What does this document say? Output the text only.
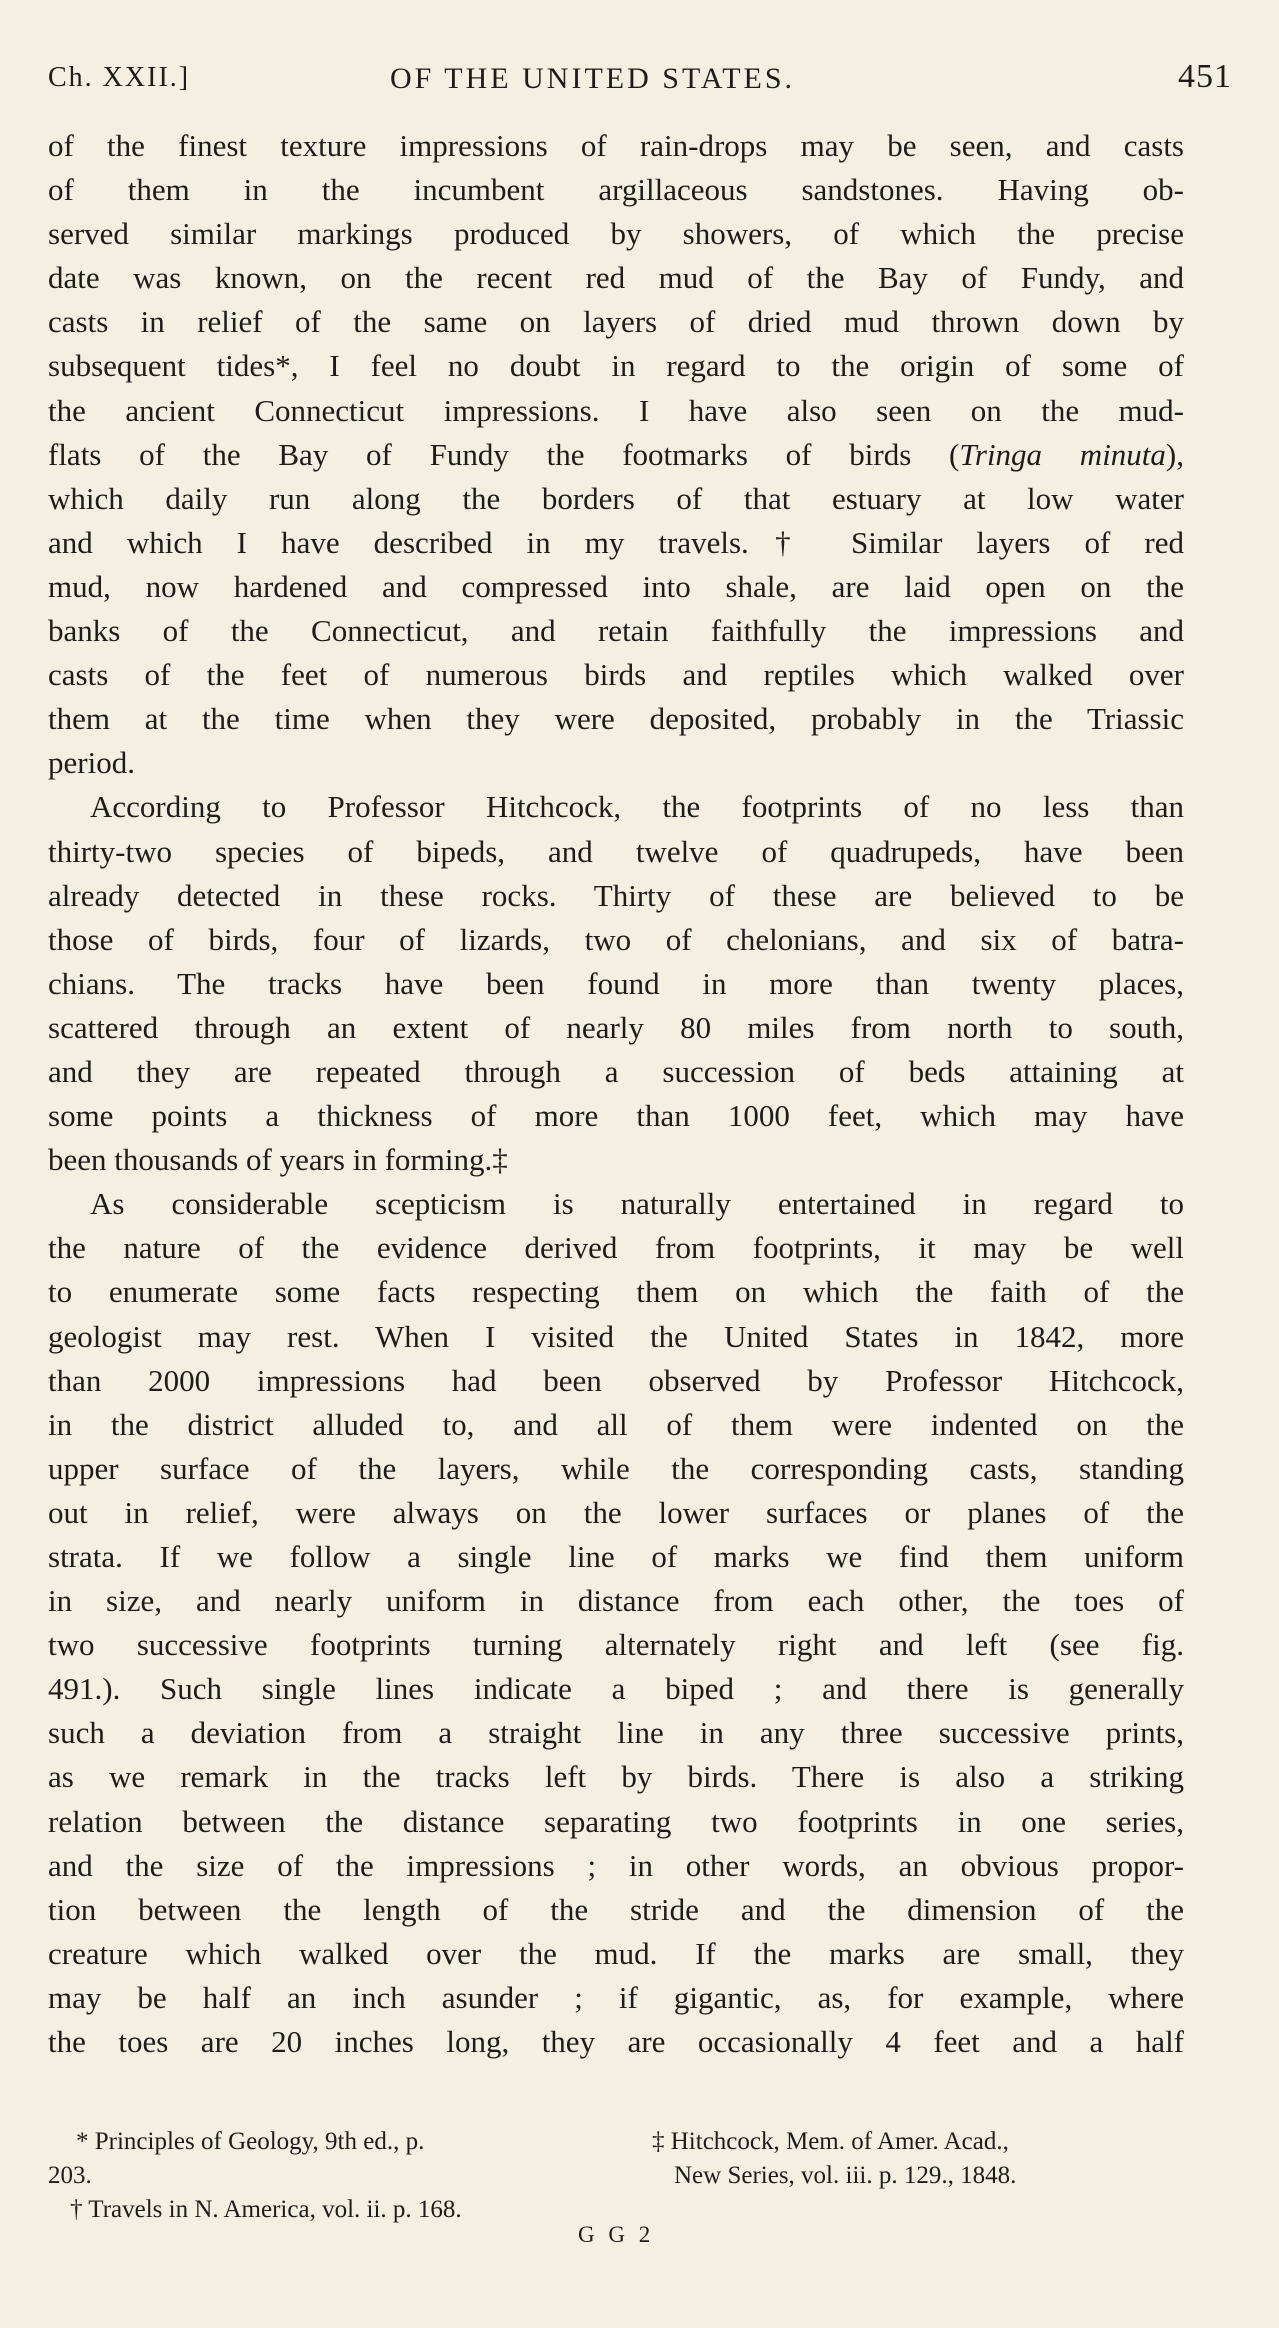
Ch. XXII.]	OF THE UNITED STATES.	451
of the finest texture impressions of rain-drops may be seen, and casts
of them in the incumbent argillaceous sandstones. Having ob-
served similar markings produced by showers, of which the precise
date was known, on the recent red mud of the Bay of Fundy, and
casts in relief of the same on layers of dried mud thrown down by
subsequent tides*, I feel no doubt in regard to the origin of some of
the ancient Connecticut impressions. I have also seen on the mud-
flats of the Bay of Fundy the footmarks of birds (Tringa minuta),
which daily run along the borders of that estuary at low water
and which I have described in my travels.† Similar layers of red
mud, now hardened and compressed into shale, are laid open on the
banks of the Connecticut, and retain faithfully the impressions and
casts of the feet of numerous birds and reptiles which walked over
them at the time when they were deposited, probably in the Triassic
period.
According to Professor Hitchcock, the footprints of no less than
thirty-two species of bipeds, and twelve of quadrupeds, have been
already detected in these rocks. Thirty of these are believed to be
those of birds, four of lizards, two of chelonians, and six of batra-
chians. The tracks have been found in more than twenty places,
scattered through an extent of nearly 80 miles from north to south,
and they are repeated through a succession of beds attaining at
some points a thickness of more than 1000 feet, which may have
been thousands of years in forming.‡
As considerable scepticism is naturally entertained in regard to
the nature of the evidence derived from footprints, it may be well
to enumerate some facts respecting them on which the faith of the
geologist may rest. When I visited the United States in 1842, more
than 2000 impressions had been observed by Professor Hitchcock,
in the district alluded to, and all of them were indented on the
upper surface of the layers, while the corresponding casts, standing
out in relief, were always on the lower surfaces or planes of the
strata. If we follow a single line of marks we find them uniform
in size, and nearly uniform in distance from each other, the toes of
two successive footprints turning alternately right and left (see fig.
491.). Such single lines indicate a biped ; and there is generally
such a deviation from a straight line in any three successive prints,
as we remark in the tracks left by birds. There is also a striking
relation between the distance separating two footprints in one series,
and the size of the impressions ; in other words, an obvious propor-
tion between the length of the stride and the dimension of the
creature which walked over the mud. If the marks are small, they
may be half an inch asunder ; if gigantic, as, for example, where
the toes are 20 inches long, they are occasionally 4 feet and a half
* Principles of Geology, 9th ed., p.	‡ Hitchcock, Mem. of Amer. Acad.,
203.	New Series, vol. iii. p. 129., 1848.
† Travels in N. America, vol. ii. p. 168.
G G 2
